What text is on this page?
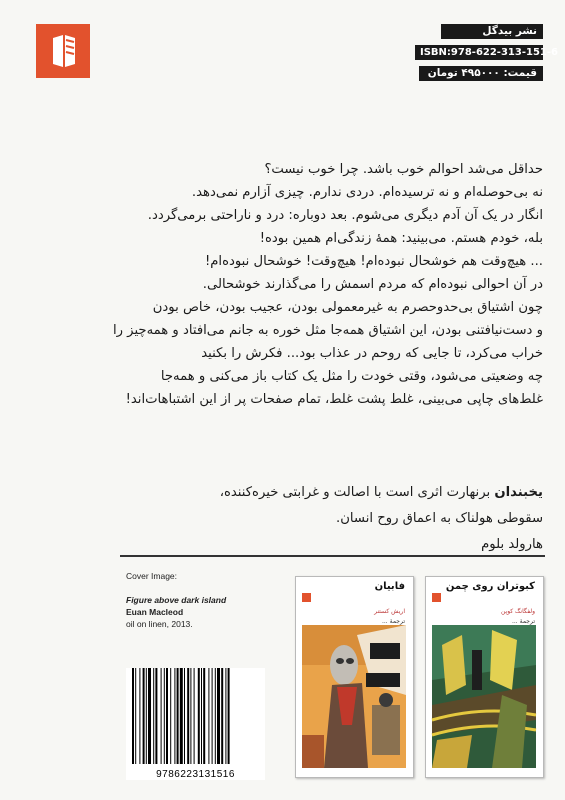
نشر بیدگل
ISBN:978-622-313-151-6
قیمت: ۴۹۵۰۰۰ تومان

حداقل می‌شد احوالم خوب باشد. چرا خوب نیست؟

نه بی‌حوصله‌ام و نه ترسیده‌ام. دردی ندارم. چیزی آزارم نمی‌دهد.

انگار در یک آن آدم دیگری می‌شوم. بعد دوباره: درد و ناراحتی برمی‌گردد.

بله، خودم هستم. می‌بینید: همهٔ زندگی‌ام همین بوده!

... هیچ‌وقت هم خوشحال نبوده‌ام! هیچ‌وقت! خوشحال نبوده‌ام!

در آن احوالی نبوده‌ام که مردم اسمش را می‌گذارند خوشحالی.

چون اشتیاق بی‌حدوحصرم به غیرمعمولی بودن، عجیب بودن، خاص بودن

و دست‌نیافتنی بودن، این اشتیاق همه‌جا مثل خوره به جانم می‌افتاد و همه‌چیز را

خراب می‌کرد، تا جایی که روحم در عذاب بود... فکرش را بکنید

چه وضعیتی می‌شود، وقتی خودت را مثل یک کتاب باز می‌کنی و همه‌جا

غلط‌های چاپی می‌بینی، غلط پشت غلط، تمام صفحات پر از این اشتباهات‌اند!

یخبندان برنهارت اثری است با اصالت و غرابتی خیره‌کننده،

سقوطی هولناک به اعماق روح انسان.

هارولد بلوم

Cover Image:
Figure above dark island
Euan Macleod
oil on linen, 2013.
فابیان
اریش کستنر
ترجمهٔ ...
کبوتران روی چمن
ولفگانگ کوپن
ترجمهٔ ...
9786223131516
